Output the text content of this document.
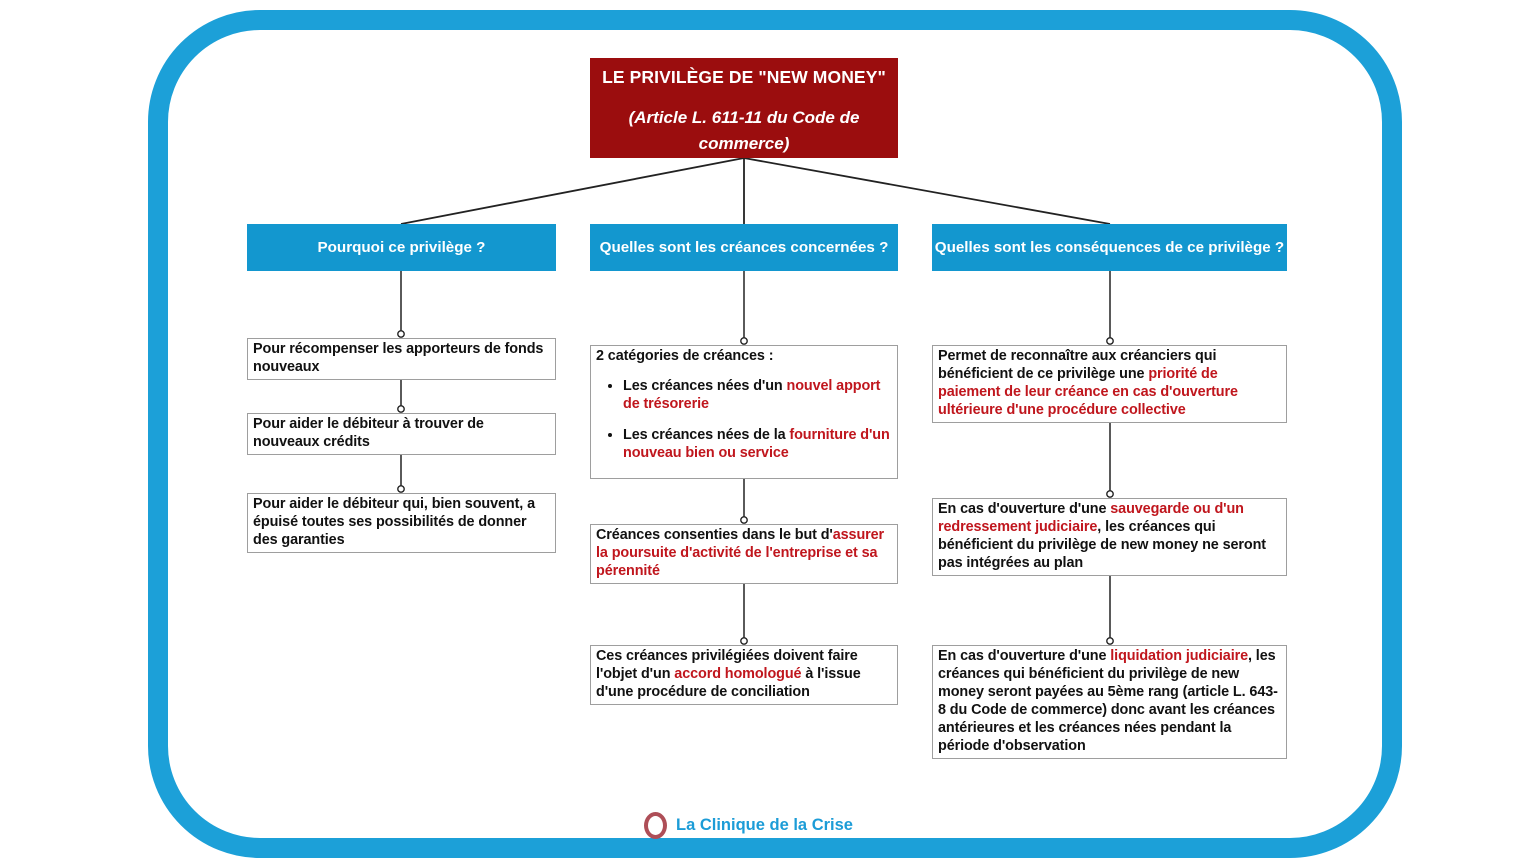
LE PRIVILÈGE DE "NEW MONEY"
(Article L. 611-11 du Code de commerce)
Pourquoi ce privilège ?	Quelles sont les créances concernées ?	Quelles sont les conséquences de ce privilège ?
Pour récompenser les apporteurs de fonds nouveaux
Pour aider le débiteur à trouver de nouveaux crédits
Pour aider le débiteur qui, bien souvent, a épuisé toutes ses possibilités de donner des garanties
2 catégories de créances :
• Les créances nées d'un nouvel apport de trésorerie
• Les créances nées de la fourniture d'un nouveau bien ou service
Créances consenties dans le but d'assurer la poursuite d'activité de l'entreprise et sa pérennité
Ces créances privilégiées doivent faire l'objet d'un accord homologué à l'issue d'une procédure de conciliation
Permet de reconnaître aux créanciers qui bénéficient de ce privilège une priorité de paiement de leur créance en cas d'ouverture ultérieure d'une procédure collective
En cas d'ouverture d'une sauvegarde ou d'un redressement judiciaire, les créances qui bénéficient du privilège de new money ne seront pas intégrées au plan
En cas d'ouverture d'une liquidation judiciaire, les créances qui bénéficient du privilège de new money seront payées au 5ème rang (article L. 643-8 du Code de commerce) donc avant les créances antérieures et les créances nées pendant la période d'observation
La Clinique de la Crise
